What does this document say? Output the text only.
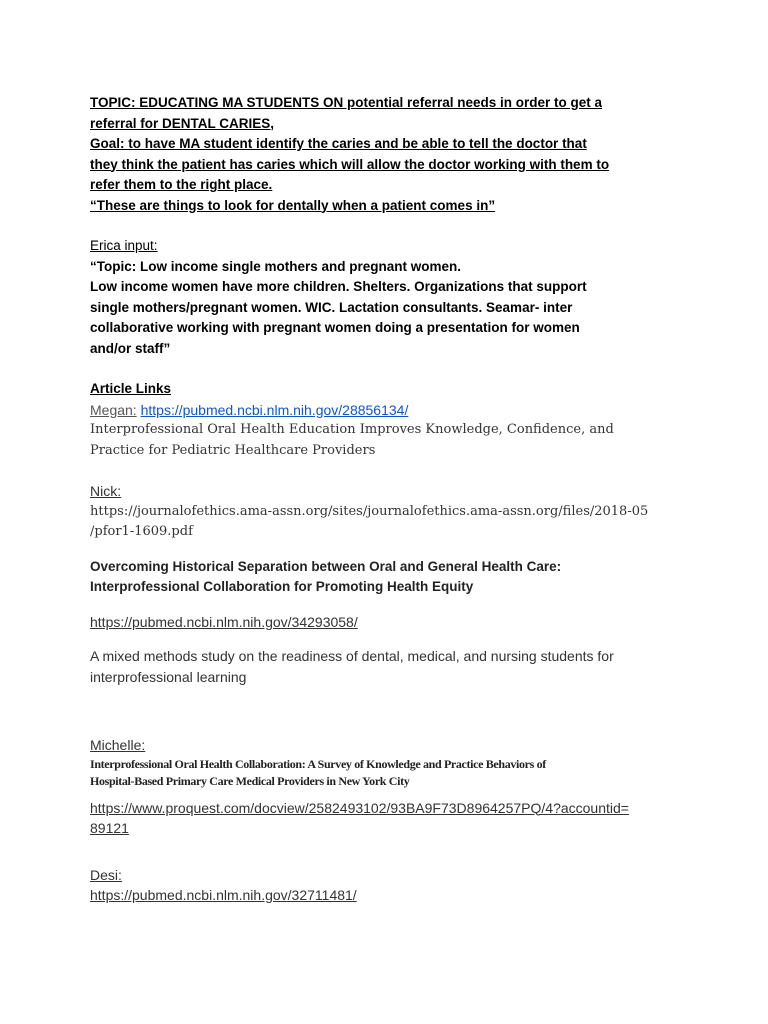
TOPIC: EDUCATING MA STUDENTS ON potential referral needs in order to get a
referral for DENTAL CARIES,
Goal: to have MA student identify the caries and be able to tell the doctor that
they think the patient has caries which will allow the doctor working with them to
refer them to the right place.
“These are things to look for dentally when a patient comes in”
Erica input:
“Topic: Low income single mothers and pregnant women.
Low income women have more children. Shelters. Organizations that support
single mothers/pregnant women. WIC. Lactation consultants. Seamar- inter
collaborative working with pregnant women doing a presentation for women
and/or staff”
Article Links
Megan: https://pubmed.ncbi.nlm.nih.gov/28856134/
Interprofessional Oral Health Education Improves Knowledge, Confidence, and
Practice for Pediatric Healthcare Providers
Nick:
https://journalofethics.ama-assn.org/sites/journalofethics.ama-assn.org/files/2018-05
/pfor1-1609.pdf
Overcoming Historical Separation between Oral and General Health Care:
Interprofessional Collaboration for Promoting Health Equity
https://pubmed.ncbi.nlm.nih.gov/34293058/
A mixed methods study on the readiness of dental, medical, and nursing students for
interprofessional learning
Michelle:
Interprofessional Oral Health Collaboration: A Survey of Knowledge and Practice Behaviors of
Hospital-Based Primary Care Medical Providers in New York City
https://www.proquest.com/docview/2582493102/93BA9F73D8964257PQ/4?accountid=
89121
Desi:
https://pubmed.ncbi.nlm.nih.gov/32711481/
